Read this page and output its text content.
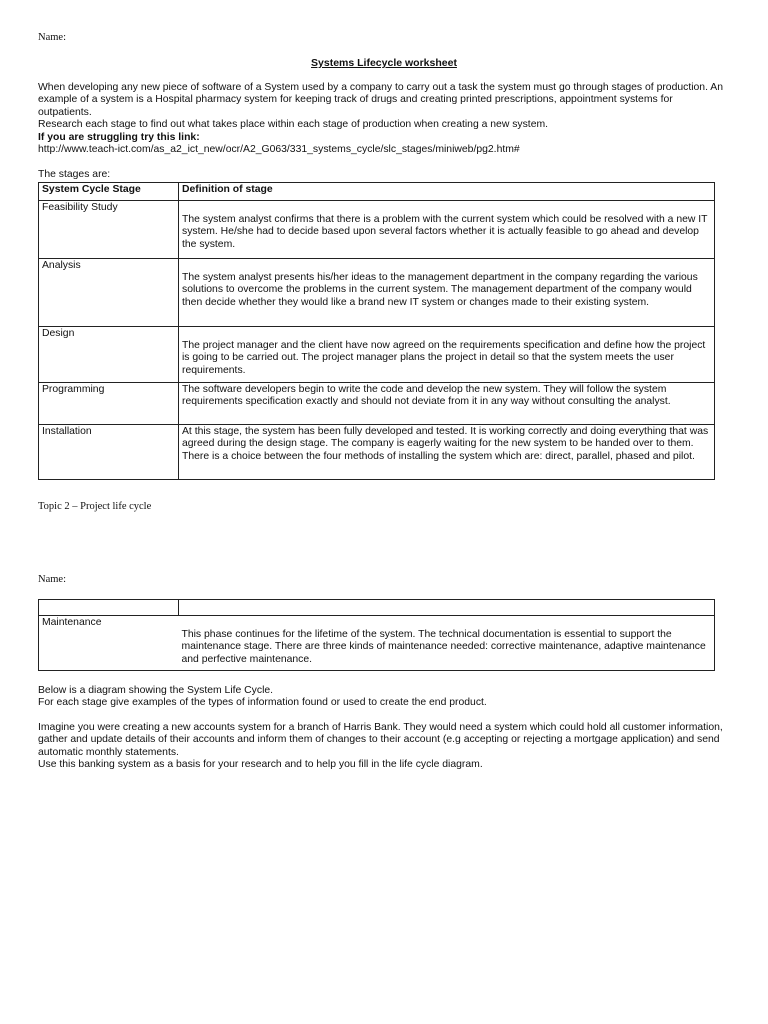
Name:
Systems Lifecycle worksheet

When developing any new piece of software of a System used by a company to carry out a task the system must go through stages of production. An example of a system is a Hospital pharmacy system for keeping track of drugs and creating printed prescriptions, appointment systems for outpatients.

Research each stage to find out what takes place within each stage of production when creating a new system.

If you are struggling try this link:

http://www.teach-ict.com/as_a2_ict_new/ocr/A2_G063/331_systems_cycle/slc_stages/miniweb/pg2.htm#

The stages are:
System Cycle Stage	Definition of stage
Feasibility Study	The system analyst confirms that there is a problem with the current system which could be resolved with a new IT system. He/she had to decide based upon several factors whether it is actually feasible to go ahead and develop the system.

Analysis	The system analyst presents his/her ideas to the management department in the company regarding the various solutions to overcome the problems in the current system. The management department of the company would then decide whether they would like a brand new IT system or changes made to their existing system.

Design	The project manager and the client have now agreed on the requirements specification and define how the project is going to be carried out. The project manager plans the project in detail so that the system meets the user requirements.

Programming	The software developers begin to write the code and develop the new system. They will follow the system requirements specification exactly and should not deviate from it in any way without consulting the analyst.

Installation	At this stage, the system has been fully developed and tested. It is working correctly and doing everything that was agreed during the design stage. The company is eagerly waiting for the new system to be handed over to them. There is a choice between the four methods of installing the system which are: direct, parallel, phased and pilot.
Topic 2 – Project life cycle
Name:

Maintenance	This phase continues for the lifetime of the system. The technical documentation is essential to support the maintenance stage. There are three kinds of maintenance needed: corrective maintenance, adaptive maintenance and perfective maintenance.

Below is a diagram showing the System Life Cycle.

For each stage give examples of the types of information found or used to create the end product.

Imagine you were creating a new accounts system for a branch of Harris Bank. They would need a system which could hold all customer information, gather and update details of their accounts and inform them of changes to their account (e.g accepting or rejecting a mortgage application) and send automatic monthly statements.

Use this banking system as a basis for your research and to help you fill in the life cycle diagram.
